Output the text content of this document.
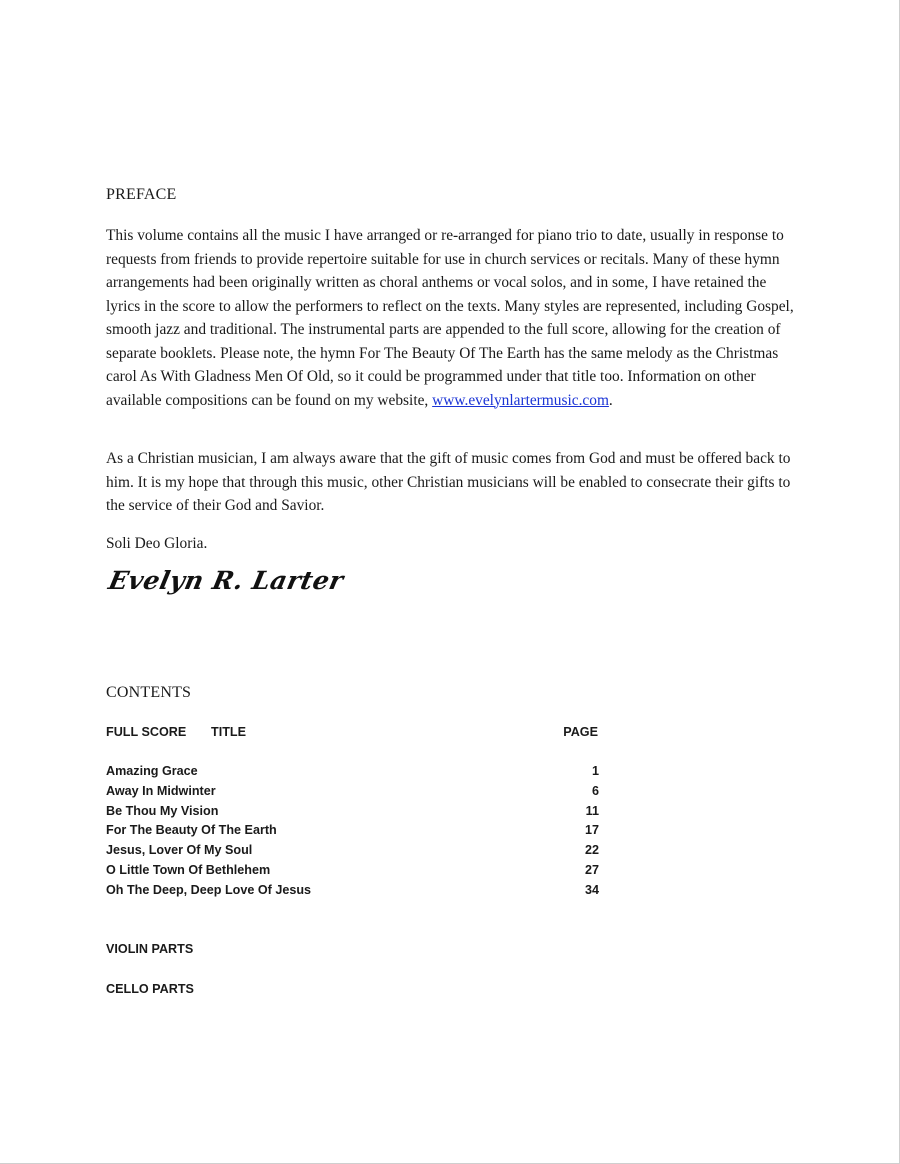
PREFACE

This volume contains all the music I have arranged or re-arranged for piano trio to date, usually in response to requests from friends to provide repertoire suitable for use in church services or recitals. Many of these hymn arrangements had been originally written as choral anthems or vocal solos, and in some, I have retained the lyrics in the score to allow the performers to reflect on the texts. Many styles are represented, including Gospel, smooth jazz and traditional. The instrumental parts are appended to the full score, allowing for the creation of separate booklets. Please note, the hymn For The Beauty Of The Earth has the same melody as the Christmas carol As With Gladness Men Of Old, so it could be programmed under that title too. Information on other available compositions can be found on my website, www.evelynlartermusic.com.

As a Christian musician, I am always aware that the gift of music comes from God and must be offered back to him. It is my hope that through this music, other Christian musicians will be enabled to consecrate their gifts to the service of their God and Savior.

Soli Deo Gloria.

Evelyn R. Larter
CONTENTS
FULL SCORE TITLE	PAGE
Amazing Grace	1
Away In Midwinter	6
Be Thou My Vision	11
For The Beauty Of The Earth	17
Jesus, Lover Of My Soul	22
O Little Town Of Bethlehem	27
Oh The Deep, Deep Love Of Jesus	34
VIOLIN PARTS
CELLO PARTS
